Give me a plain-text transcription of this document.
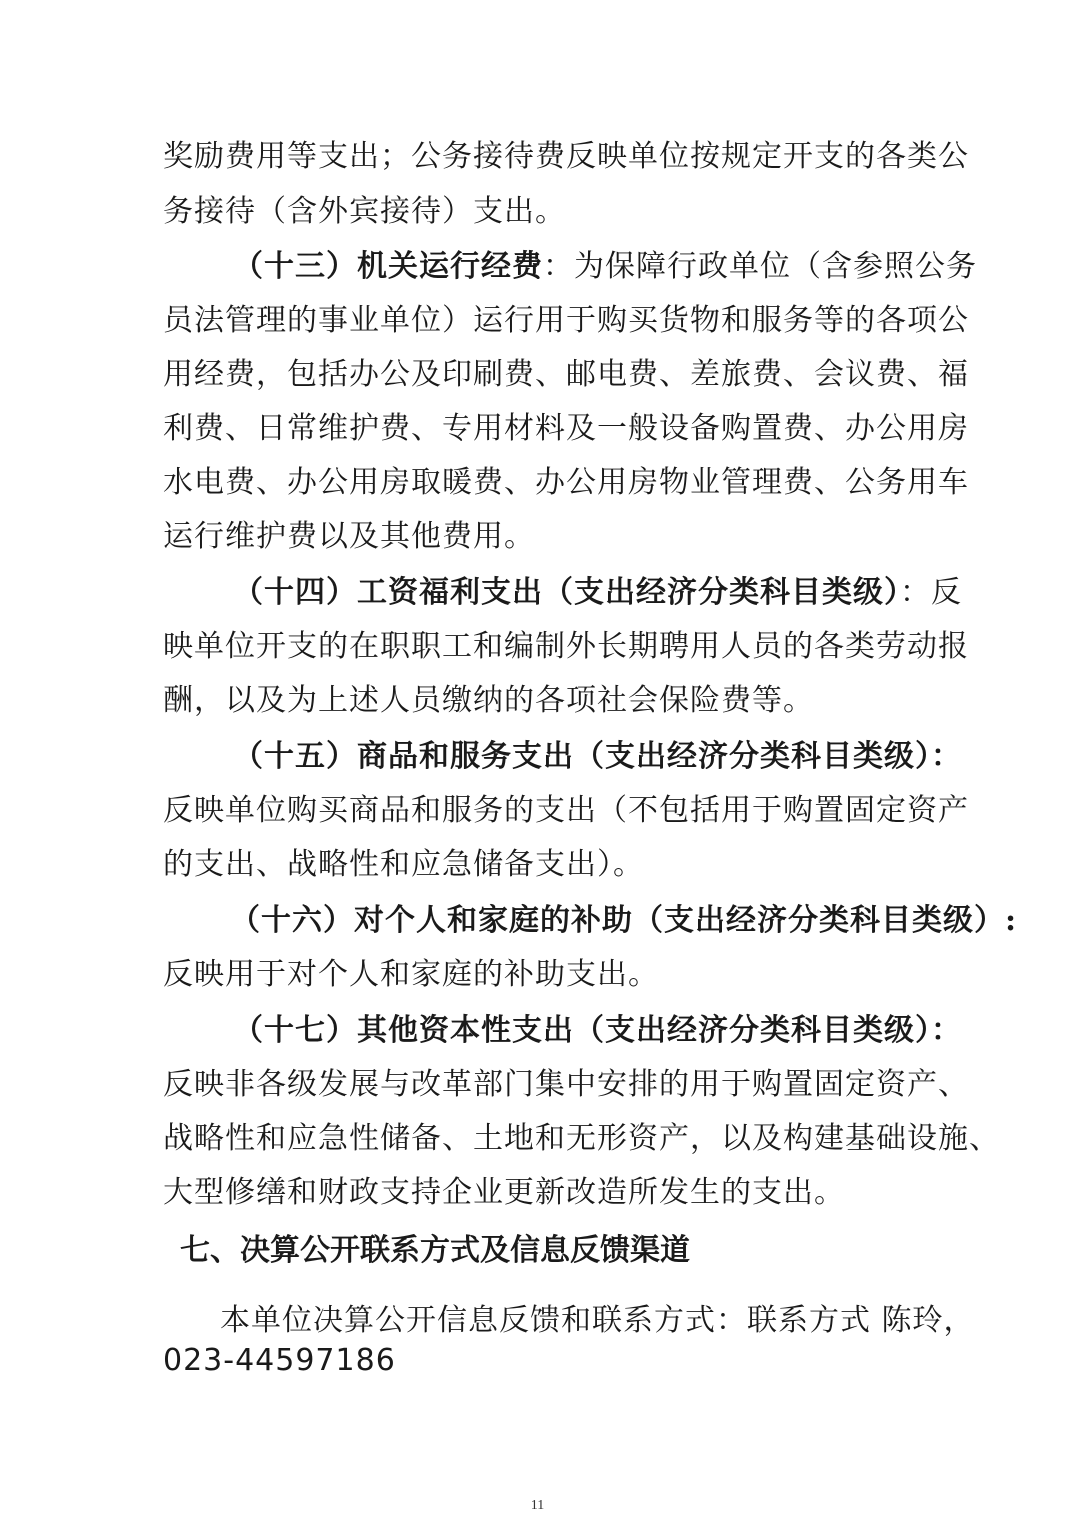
奖励费用等支出；公务接待费反映单位按规定开支的各类公
务接待（含外宾接待）支出。
（十三）机关运行经费：为保障行政单位（含参照公务
员法管理的事业单位）运行用于购买货物和服务等的各项公
用经费，包括办公及印刷费、邮电费、差旅费、会议费、福
利费、日常维护费、专用材料及一般设备购置费、办公用房
水电费、办公用房取暖费、办公用房物业管理费、公务用车
运行维护费以及其他费用。
（十四）工资福利支出（支出经济分类科目类级）：反
映单位开支的在职职工和编制外长期聘用人员的各类劳动报
酬，以及为上述人员缴纳的各项社会保险费等。
（十五）商品和服务支出（支出经济分类科目类级）：
反映单位购买商品和服务的支出（不包括用于购置固定资产
的支出、战略性和应急储备支出）。
（十六）对个人和家庭的补助（支出经济分类科目类级）:
反映用于对个人和家庭的补助支出。
（十七）其他资本性支出（支出经济分类科目类级）：
反映非各级发展与改革部门集中安排的用于购置固定资产、
战略性和应急性储备、土地和无形资产，以及构建基础设施、
大型修缮和财政支持企业更新改造所发生的支出。
七、决算公开联系方式及信息反馈渠道
本单位决算公开信息反馈和联系方式：联系方式 陈玲，
023-44597186
11
